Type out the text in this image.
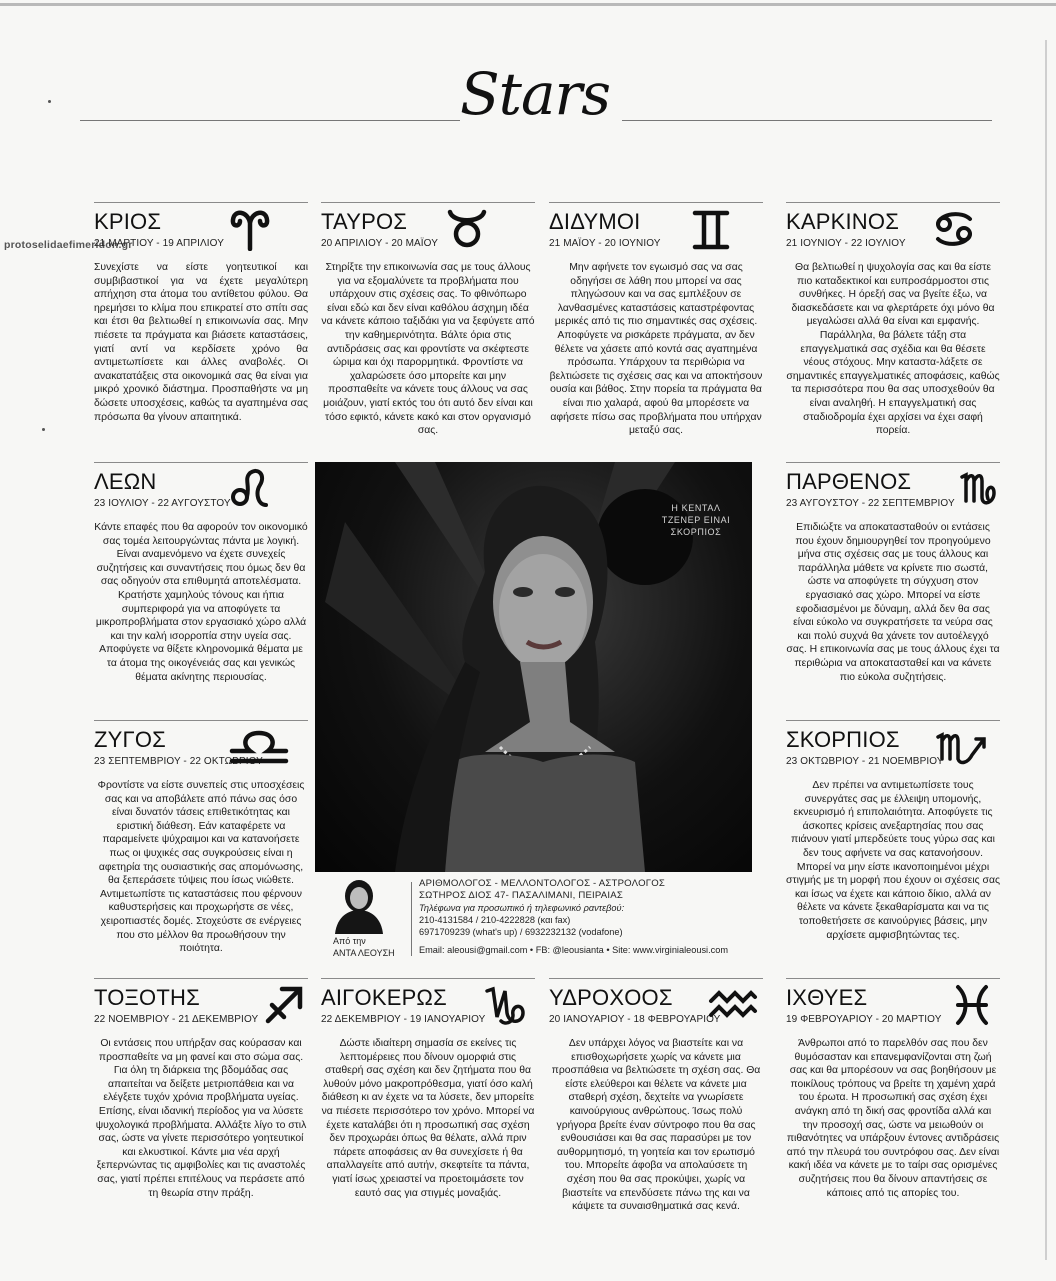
protoselidaefimeridon.gr
Stars
ΚΡΙΟΣ
21 ΜΑΡΤΙΟΥ - 19 ΑΠΡΙΛΙΟΥ
Συνεχίστε να είστε γοητευτικοί και συμβιβαστικοί για να έχετε μεγαλύτερη απήχηση στα άτομα του αντίθετου φύλου. Θα ηρεμήσει το κλίμα που επικρατεί στο σπίτι σας και έτσι θα βελτιωθεί η επικοινωνία σας. Μην πιέσετε τα πράγματα και βιάσετε καταστάσεις, γιατί αντί να κερδίσετε χρόνο θα αντιμετωπίσετε και άλλες αναβολές. Οι ανακατατάξεις στα οικονομικά σας θα είναι για μικρό χρονικό διάστημα. Προσπαθήστε να μη δώσετε υποσχέσεις, καθώς τα αγαπημένα σας πρόσωπα θα γίνουν απαιτητικά.
ΤΑΥΡΟΣ
20 ΑΠΡΙΛΙΟΥ - 20 ΜΑΪΟΥ
Στηρίξτε την επικοινωνία σας με τους άλλους για να εξομαλύνετε τα προβλήματα που υπάρχουν στις σχέσεις σας. Το φθινόπωρο είναι εδώ και δεν είναι καθόλου άσχημη ιδέα να κάνετε κάποιο ταξιδάκι για να ξεφύγετε από την καθημερινότητα. Βάλτε όρια στις αντιδράσεις σας και φροντίστε να σκέφτεστε ώριμα και όχι παρορμητικά. Φροντίστε να χαλαρώσετε όσο μπορείτε και μην προσπαθείτε να κάνετε τους άλλους να σας μοιάζουν, γιατί εκτός του ότι αυτό δεν είναι και τόσο εφικτό, κάνετε κακό και στον οργανισμό σας.
ΔΙΔΥΜΟΙ
21 ΜΑΪΟΥ - 20 ΙΟΥΝΙΟΥ
Μην αφήνετε τον εγωισμό σας να σας οδηγήσει σε λάθη που μπορεί να σας πληγώσουν και να σας εμπλέξουν σε λανθασμένες καταστάσεις καταστρέφοντας μερικές από τις πιο σημαντικές σας σχέσεις. Αποφύγετε να ρισκάρετε πράγματα, αν δεν θέλετε να χάσετε από κοντά σας αγαπημένα πρόσωπα. Υπάρχουν τα περιθώρια να βελτιώσετε τις σχέσεις σας και να αποκτήσουν ουσία και βάθος. Στην πορεία τα πράγματα θα είναι πιο χαλαρά, αφού θα μπορέσετε να αφήσετε πίσω σας προβλήματα που υπήρχαν μεταξύ σας.
ΚΑΡΚΙΝΟΣ
21 ΙΟΥΝΙΟΥ - 22 ΙΟΥΛΙΟΥ
Θα βελτιωθεί η ψυχολογία σας και θα είστε πιο καταδεκτικοί και ευπροσάρμοστοι στις συνθήκες. Η όρεξή σας να βγείτε έξω, να διασκεδάσετε και να φλερτάρετε όχι μόνο θα μεγαλώσει αλλά θα είναι και εμφανής. Παράλληλα, θα βάλετε τάξη στα επαγγελματικά σας σχέδια και θα θέσετε νέους στόχους. Μην καταστα-λάξετε σε σημαντικές επαγγελματικές αποφάσεις, καθώς τα περισσότερα που θα σας υποσχεθούν θα είναι αναληθή. Η επαγγελματική σας σταδιοδρομία έχει αρχίσει να έχει σαφή πορεία.
ΛΕΩΝ
23 ΙΟΥΛΙΟΥ - 22 ΑΥΓΟΥΣΤΟΥ
Κάντε επαφές που θα αφορούν τον οικονομικό σας τομέα λειτουργώντας πάντα με λογική. Είναι αναμενόμενο να έχετε συνεχείς συζητήσεις και συναντήσεις που όμως δεν θα σας οδηγούν στα επιθυμητά αποτελέσματα. Κρατήστε χαμηλούς τόνους και ήπια συμπεριφορά για να αποφύγετε τα μικροπροβλήματα στον εργασιακό χώρο αλλά και την καλή ισορροπία στην υγεία σας. Αποφύγετε να θίξετε κληρονομικά θέματα με τα άτομα της οικογένειάς σας και γενικώς θέματα ακίνητης περιουσίας.
ΠΑΡΘΕΝΟΣ
23 ΑΥΓΟΥΣΤΟΥ - 22 ΣΕΠΤΕΜΒΡΙΟΥ
Επιδιώξτε να αποκατασταθούν οι εντάσεις που έχουν δημιουργηθεί τον προηγούμενο μήνα στις σχέσεις σας με τους άλλους και παράλληλα μάθετε να κρίνετε πιο σωστά, ώστε να αποφύγετε τη σύγχυση στον εργασιακό σας χώρο. Μπορεί να είστε εφοδιασμένοι με δύναμη, αλλά δεν θα σας είναι εύκολο να συγκρατήσετε τα νεύρα σας και πολύ συχνά θα χάνετε τον αυτοέλεγχό σας. Η επικοινωνία σας με τους άλλους έχει τα περιθώρια να αποκατασταθεί και να κάνετε πιο εύκολα συζητήσεις.
ΖΥΓΟΣ
23 ΣΕΠΤΕΜΒΡΙΟΥ - 22 ΟΚΤΩΒΡΙΟΥ
Φροντίστε να είστε συνεπείς στις υποσχέσεις σας και να αποβάλετε από πάνω σας όσο είναι δυνατόν τάσεις επιθετικότητας και εριστική διάθεση. Εάν καταφέρετε να παραμείνετε ψύχραιμοι και να κατανοήσετε πως οι ψυχικές σας συγκρούσεις είναι η αφετηρία της ουσιαστικής σας απομόνωσης, θα ξεπεράσετε τύψεις που ίσως νιώθετε. Αντιμετωπίστε τις καταστάσεις που φέρνουν καθυστερήσεις και προχωρήστε σε νέες, χειροπιαστές δομές. Στοχεύστε σε ενέργειες που στο μέλλον θα προωθήσουν την ποιότητα.
ΣΚΟΡΠΙΟΣ
23 ΟΚΤΩΒΡΙΟΥ - 21 ΝΟΕΜΒΡΙΟΥ
Δεν πρέπει να αντιμετωπίσετε τους συνεργάτες σας με έλλειψη υπομονής, εκνευρισμό ή επιπολαιότητα. Αποφύγετε τις άσκοπες κρίσεις ανεξαρτησίας που σας πιάνουν γιατί μπερδεύετε τους γύρω σας και δεν τους αφήνετε να σας κατανοήσουν. Μπορεί να μην είστε ικανοποιημένοι μέχρι στιγμής με τη μορφή που έχουν οι σχέσεις σας και ίσως να έχετε και κάποιο δίκιο, αλλά αν θέλετε να κάνετε ξεκαθαρίσματα και να τις τοποθετήσετε σε καινούργιες βάσεις, μην αρχίσετε αμφισβητώντας τες.
Η ΚΕΝΤΑΛ
ΤΖΕΝΕΡ ΕΙΝΑΙ
ΣΚΟΡΠΙΟΣ
Από την
ΑΝΤΑ ΛΕΟΥΣΗ
ΑΡΙΘΜΟΛΟΓΟΣ - ΜΕΛΛΟΝΤΟΛΟΓΟΣ - ΑΣΤΡΟΛΟΓΟΣ
ΣΩΤΗΡΟΣ ΔΙΟΣ 47- ΠΑΣΑΛΙΜΑΝΙ, ΠΕΙΡΑΙΑΣ
Τηλέφωνα για προσωπικό ή τηλεφωνικό ραντεβού:
210-4131584 / 210-4222828 (και fax)
6971709239 (what's up) / 6932232132 (vodafone)
Email: aleousi@gmail.com • FB: @leousianta • Site: www.virginialeousi.com
ΤΟΞΟΤΗΣ
22 ΝΟΕΜΒΡΙΟΥ - 21 ΔΕΚΕΜΒΡΙΟΥ
Οι εντάσεις που υπήρξαν σας κούρασαν και προσπαθείτε να μη φανεί και στο σώμα σας. Για όλη τη διάρκεια της βδομάδας σας απαιτείται να δείξετε μετριοπάθεια και να ελέγξετε τυχόν χρόνια προβλήματα υγείας. Επίσης, είναι ιδανική περίοδος για να λύσετε ψυχολογικά προβλήματα. Αλλάξτε λίγο το στιλ σας, ώστε να γίνετε περισσότερο γοητευτικοί και ελκυστικοί. Κάντε μια νέα αρχή ξεπερνώντας τις αμφιβολίες και τις αναστολές σας, γιατί πρέπει επιτέλους να περάσετε από τη θεωρία στην πράξη.
ΑΙΓΟΚΕΡΩΣ
22 ΔΕΚΕΜΒΡΙΟΥ - 19 ΙΑΝΟΥΑΡΙΟΥ
Δώστε ιδιαίτερη σημασία σε εκείνες τις λεπτομέρειες που δίνουν ομορφιά στις σταθερή σας σχέση και δεν ζητήματα που θα λυθούν μόνο μακροπρόθεσμα, γιατί όσο καλή διάθεση κι αν έχετε να τα λύσετε, δεν μπορείτε να πιέσετε περισσότερο τον χρόνο. Μπορεί να έχετε καταλάβει ότι η προσωπική σας σχέση δεν προχωράει όπως θα θέλατε, αλλά πριν πάρετε αποφάσεις αν θα συνεχίσετε ή θα απαλλαγείτε από αυτήν, σκεφτείτε τα πάντα, γιατί ίσως χρειαστεί να προετοιμάσετε τον εαυτό σας για στιγμές μοναξιάς.
ΥΔΡΟΧΟΟΣ
20 ΙΑΝΟΥΑΡΙΟΥ - 18 ΦΕΒΡΟΥΑΡΙΟΥ
Δεν υπάρχει λόγος να βιαστείτε και να επισθοχωρήσετε χωρίς να κάνετε μια προσπάθεια να βελτιώσετε τη σχέση σας. Θα είστε ελεύθεροι και θέλετε να κάνετε μια σταθερή σχέση, δεχτείτε να γνωρίσετε καινούργιους ανθρώπους. Ίσως πολύ γρήγορα βρείτε έναν σύντροφο που θα σας ενθουσιάσει και θα σας παρασύρει με τον αυθορμητισμό, τη γοητεία και τον ερωτισμό του. Μπορείτε άφοβα να απολαύσετε τη σχέση που θα σας προκύψει, χωρίς να βιαστείτε να επενδύσετε πάνω της και να κάψετε τα συναισθηματικά σας κενά.
ΙΧΘΥΕΣ
19 ΦΕΒΡΟΥΑΡΙΟΥ - 20 ΜΑΡΤΙΟΥ
Άνθρωποι από το παρελθόν σας που δεν θυμόσασταν και επανεμφανίζονται στη ζωή σας και θα μπορέσουν να σας βοηθήσουν με ποικίλους τρόπους να βρείτε τη χαμένη χαρά του έρωτα. Η προσωπική σας σχέση έχει ανάγκη από τη δική σας φροντίδα αλλά και την προσοχή σας, ώστε να μειωθούν οι πιθανότητες να υπάρξουν έντονες αντιδράσεις από την πλευρά του συντρόφου σας. Δεν είναι κακή ιδέα να κάνετε με το ταίρι σας ορισμένες συζητήσεις που θα δίνουν απαντήσεις σε κάποιες από τις απορίες του.
